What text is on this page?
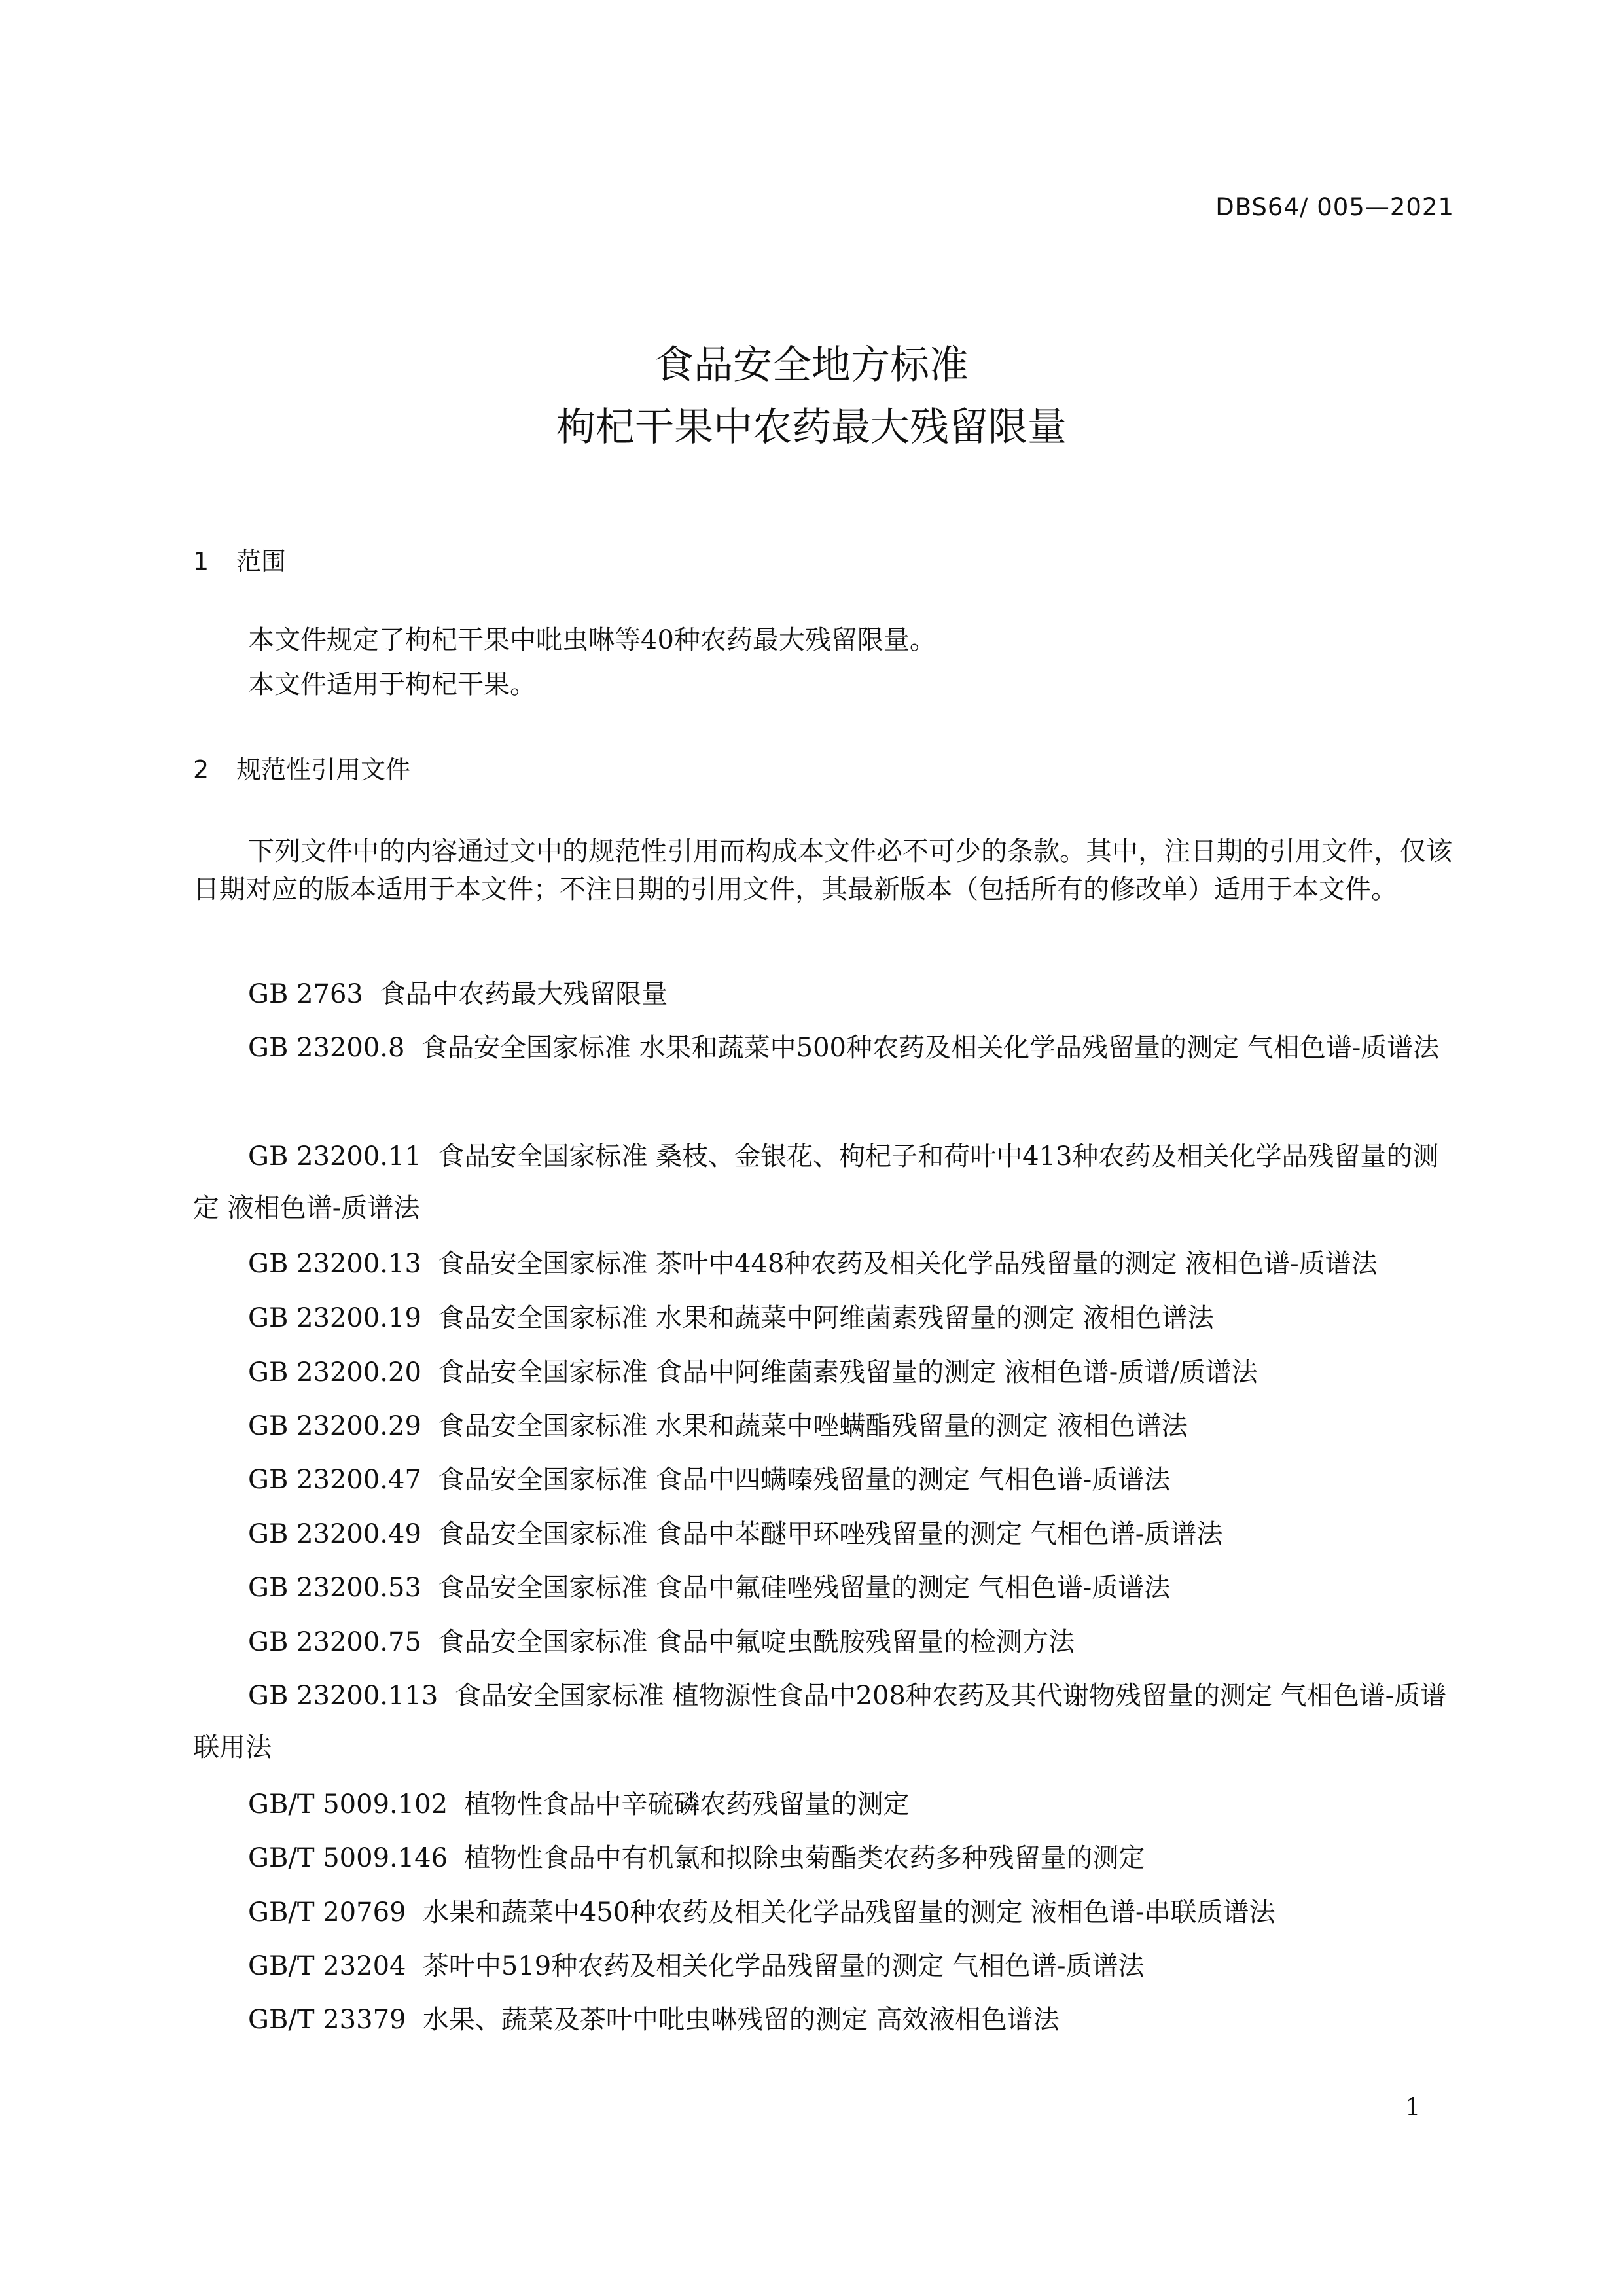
DBS64/ 005—2021
食品安全地方标准
枸杞干果中农药最大残留限量
1 范围
本文件规定了枸杞干果中吡虫啉等40种农药最大残留限量。
本文件适用于枸杞干果。
2 规范性引用文件
下列文件中的内容通过文中的规范性引用而构成本文件必不可少的条款。其中，注日期的引用文件，仅该日期对应的版本适用于本文件；不注日期的引用文件，其最新版本（包括所有的修改单）适用于本文件。
GB 2763 食品中农药最大残留限量
GB 23200.8 食品安全国家标准 水果和蔬菜中500种农药及相关化学品残留量的测定 气相色谱-质谱法
GB 23200.11 食品安全国家标准 桑枝、金银花、枸杞子和荷叶中413种农药及相关化学品残留量的测定 液相色谱-质谱法
GB 23200.13 食品安全国家标准 茶叶中448种农药及相关化学品残留量的测定 液相色谱-质谱法
GB 23200.19 食品安全国家标准 水果和蔬菜中阿维菌素残留量的测定 液相色谱法
GB 23200.20 食品安全国家标准 食品中阿维菌素残留量的测定 液相色谱-质谱/质谱法
GB 23200.29 食品安全国家标准 水果和蔬菜中唑螨酯残留量的测定 液相色谱法
GB 23200.47 食品安全国家标准 食品中四螨嗪残留量的测定 气相色谱-质谱法
GB 23200.49 食品安全国家标准 食品中苯醚甲环唑残留量的测定 气相色谱-质谱法
GB 23200.53 食品安全国家标准 食品中氟硅唑残留量的测定 气相色谱-质谱法
GB 23200.75 食品安全国家标准 食品中氟啶虫酰胺残留量的检测方法
GB 23200.113 食品安全国家标准 植物源性食品中208种农药及其代谢物残留量的测定 气相色谱-质谱联用法
GB/T 5009.102 植物性食品中辛硫磷农药残留量的测定
GB/T 5009.146 植物性食品中有机氯和拟除虫菊酯类农药多种残留量的测定
GB/T 20769 水果和蔬菜中450种农药及相关化学品残留量的测定 液相色谱-串联质谱法
GB/T 23204 茶叶中519种农药及相关化学品残留量的测定 气相色谱-质谱法
GB/T 23379 水果、蔬菜及茶叶中吡虫啉残留的测定 高效液相色谱法
1
